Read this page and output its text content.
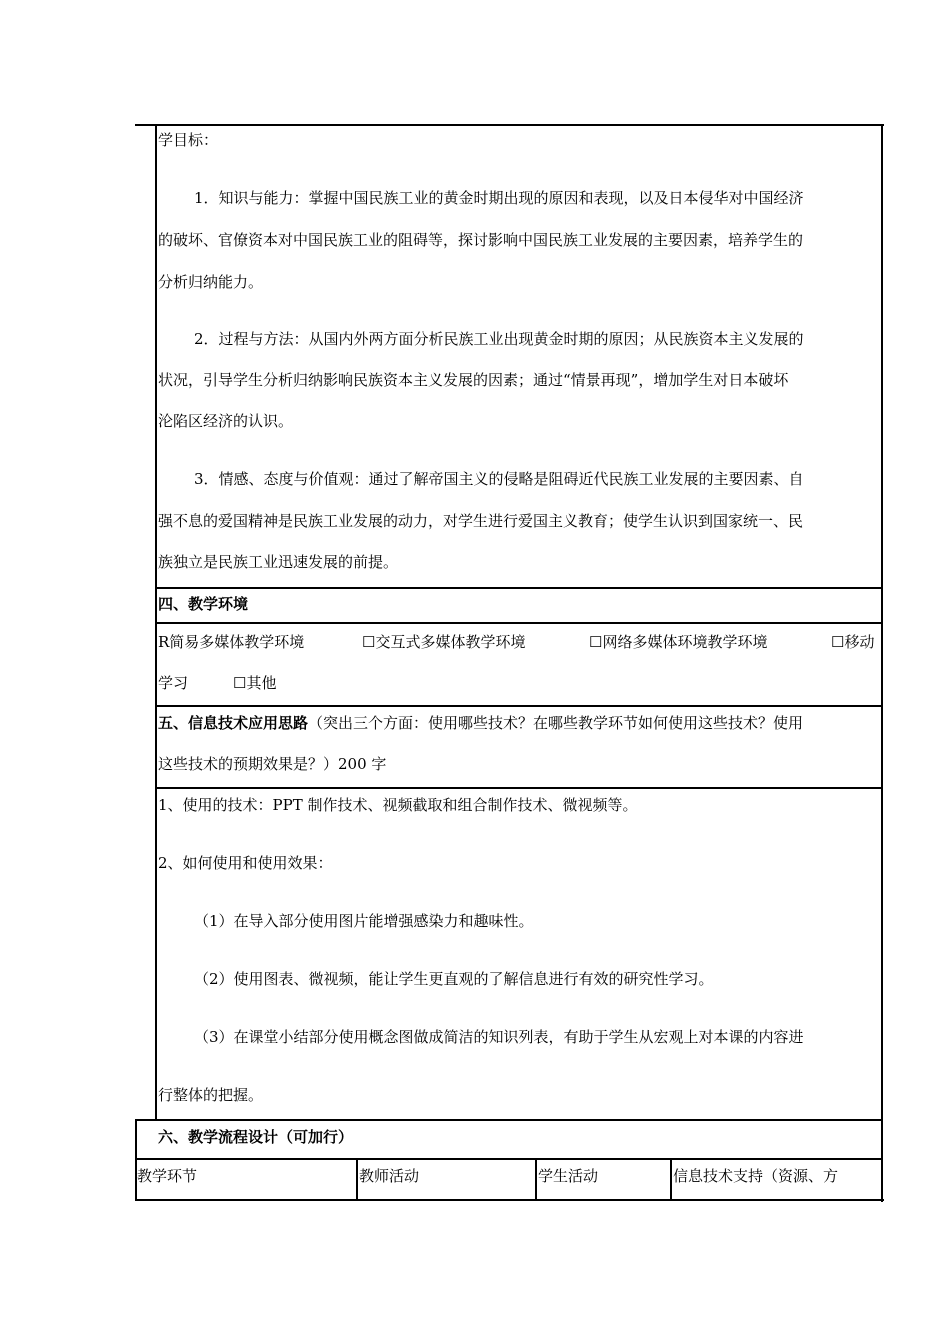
学目标：
1．知识与能力：掌握中国民族工业的黄金时期出现的原因和表现，以及日本侵华对中国经济
的破坏、官僚资本对中国民族工业的阻碍等，探讨影响中国民族工业发展的主要因素，培养学生的
分析归纳能力。
2．过程与方法：从国内外两方面分析民族工业出现黄金时期的原因；从民族资本主义发展的
状况，引导学生分析归纳影响民族资本主义发展的因素；通过“情景再现”，增加学生对日本破坏
沦陷区经济的认识。
3．情感、态度与价值观：通过了解帝国主义的侵略是阻碍近代民族工业发展的主要因素、自
强不息的爱国精神是民族工业发展的动力，对学生进行爱国主义教育；使学生认识到国家统一、民
族独立是民族工业迅速发展的前提。
四、教学环境
R简易多媒体教学环境	☐交互式多媒体教学环境	☐网络多媒体环境教学环境	☐移动
学习	☐其他
五、信息技术应用思路（突出三个方面：使用哪些技术？在哪些教学环节如何使用这些技术？使用
这些技术的预期效果是？）200 字
1、使用的技术：PPT 制作技术、视频截取和组合制作技术、微视频等。
2、如何使用和使用效果：
（1）在导入部分使用图片能增强感染力和趣味性。
（2）使用图表、微视频，能让学生更直观的了解信息进行有效的研究性学习。
（3）在课堂小结部分使用概念图做成简洁的知识列表，有助于学生从宏观上对本课的内容进
行整体的把握。
六、教学流程设计（可加行）
教学环节	教师活动	学生活动	信息技术支持（资源、方
